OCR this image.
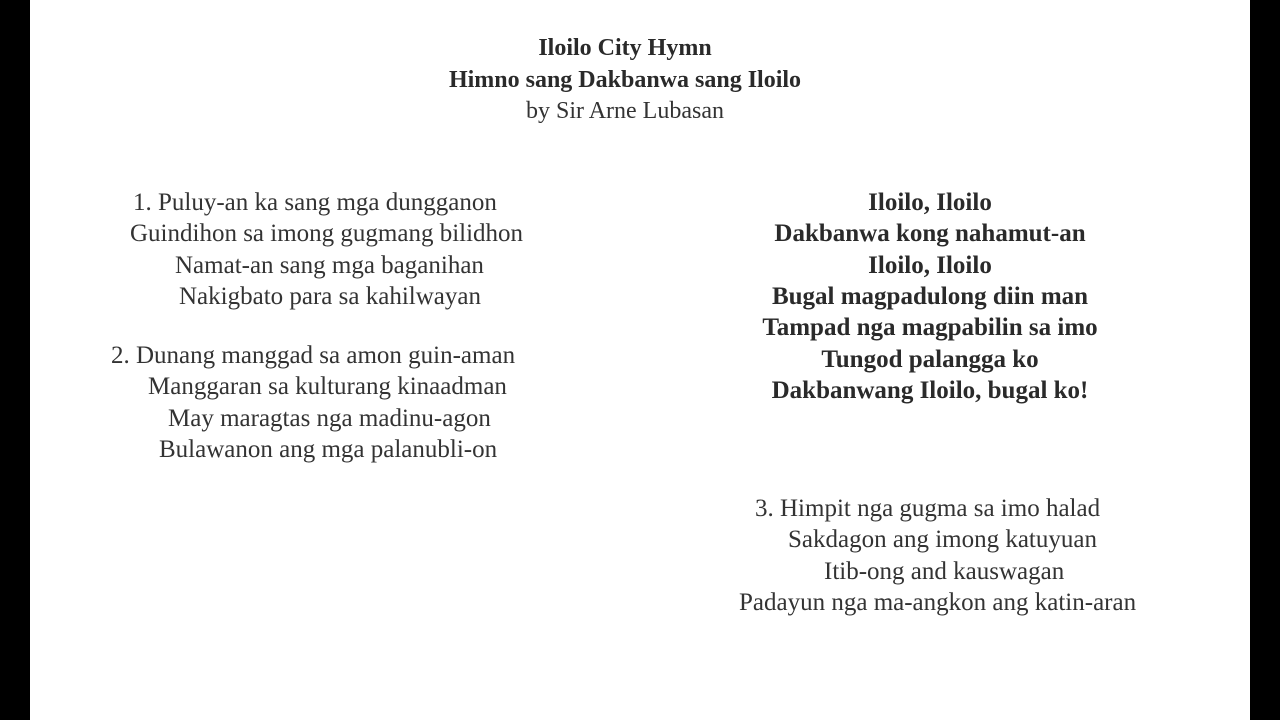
Iloilo City Hymn
Himno sang Dakbanwa sang Iloilo
by Sir Arne Lubasan
1. Puluy-an ka sang mga dungganon
Guindihon sa imong gugmang bilidhon
Namat-an sang mga baganihan
Nakigbato para sa kahilwayan
2. Dunang manggad sa amon guin-aman
Manggaran sa kulturang kinaadman
May maragtas nga madinu-agon
Bulawanon ang mga palanubli-on
Iloilo, Iloilo
Dakbanwa kong nahamut-an
Iloilo, Iloilo
Bugal magpadulong diin man
Tampad nga magpabilin sa imo
Tungod palangga ko
Dakbanwang Iloilo, bugal ko!
3. Himpit nga gugma sa imo halad
Sakdagon ang imong katuyuan
Itib-ong and kauswagan
Padayun nga ma-angkon ang katin-aran
